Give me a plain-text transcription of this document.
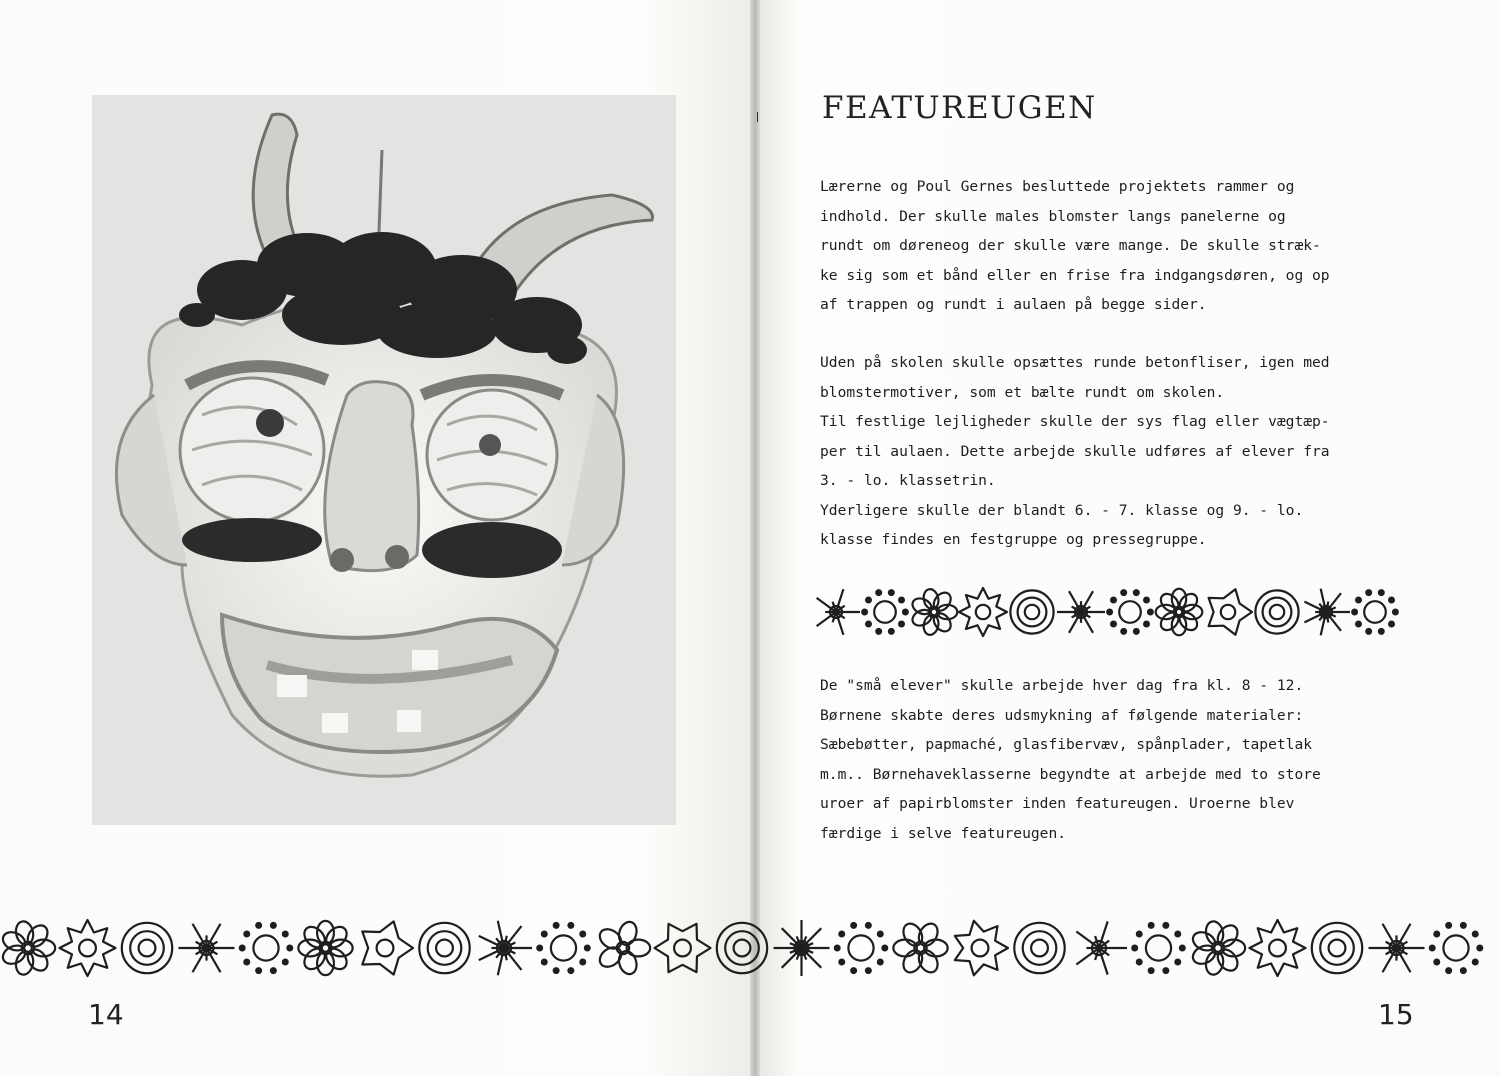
14
FEATUREUGEN
Lærerne og Poul Gernes besluttede projektets rammer og
indhold. Der skulle males blomster langs panelerne og
rundt om døreneog der skulle være mange. De skulle stræk-
ke sig som et bånd eller en frise fra indgangsdøren, og op
af trappen og rundt i aulaen på begge sider.
Uden på skolen skulle opsættes runde betonfliser, igen med
blomstermotiver, som et bælte rundt om skolen.
Til festlige lejligheder skulle der sys flag eller vægtæp-
per til aulaen. Dette arbejde skulle udføres af elever fra
3. - lo. klassetrin.
Yderligere skulle der blandt 6. - 7. klasse og 9. - lo.
klasse findes en festgruppe og pressegruppe.
De "små elever" skulle arbejde hver dag fra kl. 8 - 12.
Børnene skabte deres udsmykning af følgende materialer:
Sæbebøtter, papmaché, glasfibervæv, spånplader, tapetlak
m.m.. Børnehaveklasserne begyndte at arbejde med to store
uroer af papirblomster inden featureugen. Uroerne blev
færdige i selve featureugen.
15
